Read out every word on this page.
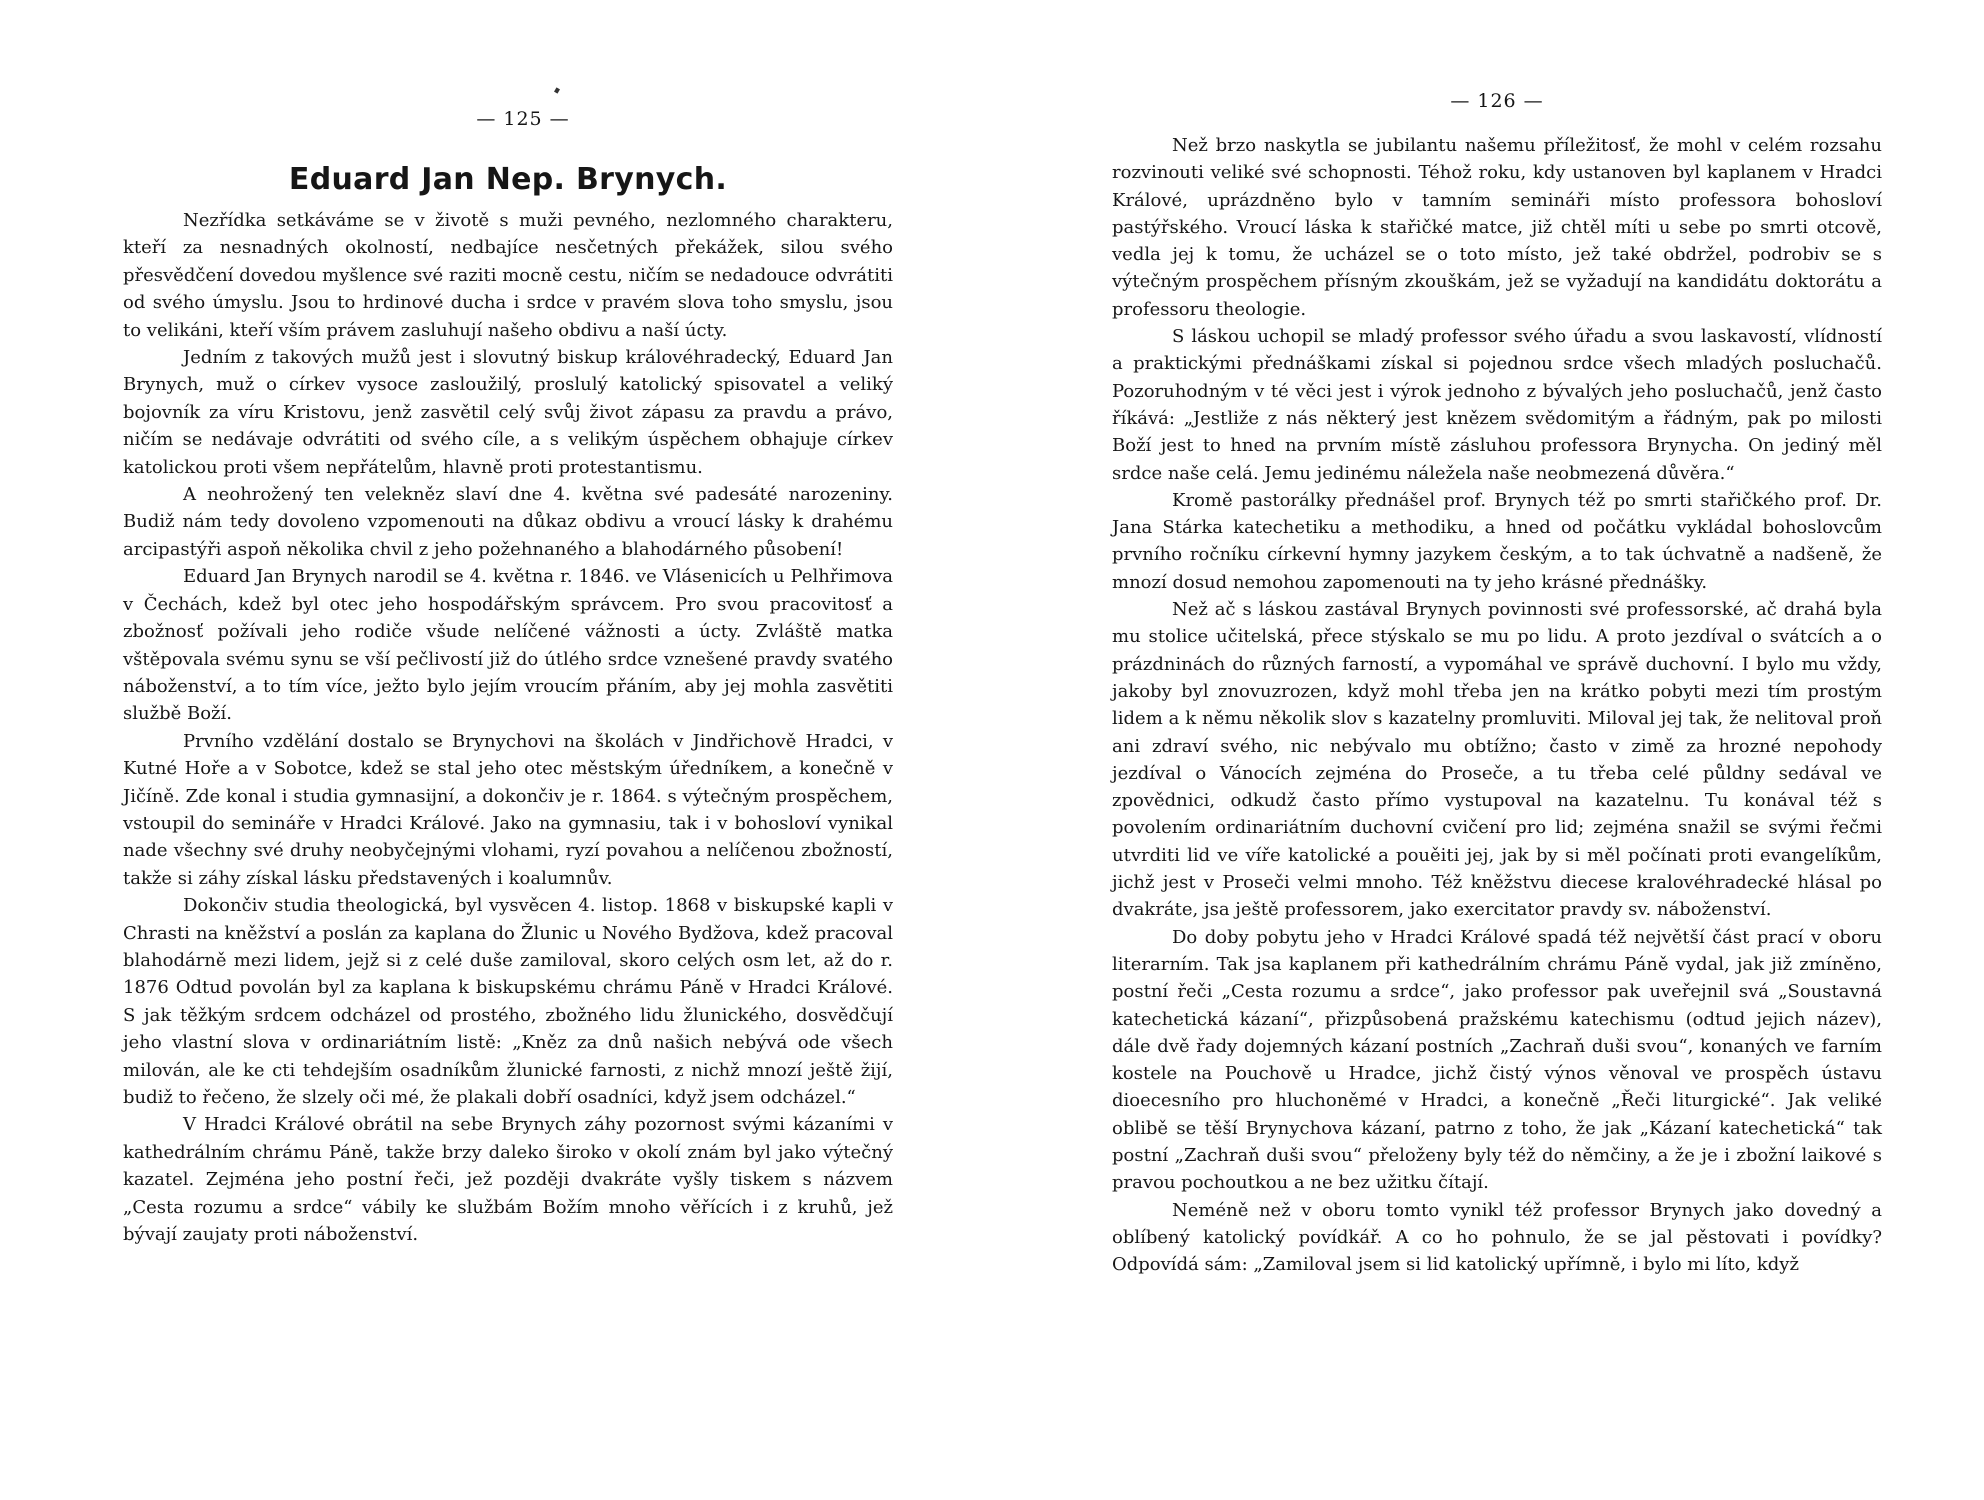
— 125 —
Eduard Jan Nep. Brynych.

Nezřídka setkáváme se v životě s muži pevného, nezlomného charakteru, kteří za nesnadných okolností, nedbajíce nesčetných překážek, silou svého přesvědčení dovedou myšlence své raziti mocně cestu, ničím se nedadouce odvrátiti od svého úmyslu. Jsou to hrdinové ducha i srdce v pravém slova toho smyslu, jsou to velikáni, kteří vším právem zasluhují našeho obdivu a naší úcty.

Jedním z takových mužů jest i slovutný biskup královéhradecký, Eduard Jan Brynych, muž o církev vysoce zasloužilý, proslulý katolický spisovatel a veliký bojovník za víru Kristovu, jenž zasvětil celý svůj život zápasu za pravdu a právo, ničím se nedávaje odvrátiti od svého cíle, a s velikým úspěchem obhajuje církev katolickou proti všem nepřátelům, hlavně proti protestantismu.

A neohrožený ten velekněz slaví dne 4. května své padesáté narozeniny. Budiž nám tedy dovoleno vzpomenouti na důkaz obdivu a vroucí lásky k drahému arcipastýři aspoň několika chvil z jeho požehnaného a blahodárného působení!

Eduard Jan Brynych narodil se 4. května r. 1846. ve Vlásenicích u Pelhřimova v Čechách, kdež byl otec jeho hospodářským správcem. Pro svou pracovitosť a zbožnosť požívali jeho rodiče všude nelíčené vážnosti a úcty. Zvláště matka vštěpovala svému synu se vší pečlivostí již do útlého srdce vznešené pravdy svatého náboženství, a to tím více, ježto bylo jejím vroucím přáním, aby jej mohla zasvětiti službě Boží.

Prvního vzdělání dostalo se Brynychovi na školách v Jindřichově Hradci, v Kutné Hoře a v Sobotce, kdež se stal jeho otec městským úředníkem, a konečně v Jičíně. Zde konal i studia gymnasijní, a dokončiv je r. 1864. s výtečným prospěchem, vstoupil do semináře v Hradci Králové. Jako na gymnasiu, tak i v bohosloví vynikal nade všechny své druhy neobyčejnými vlohami, ryzí povahou a nelíčenou zbožností, takže si záhy získal lásku představených i koalumnův.

Dokončiv studia theologická, byl vysvěcen 4. listop. 1868 v biskupské kapli v Chrasti na kněžství a poslán za kaplana do Žlunic u Nového Bydžova, kdež pracoval blahodárně mezi lidem, jejž si z celé duše zamiloval, skoro celých osm let, až do r. 1876 Odtud povolán byl za kaplana k biskupskému chrámu Páně v Hradci Králové. S jak těžkým srdcem odcházel od prostého, zbožného lidu žlunického, dosvědčují jeho vlastní slova v ordinariátním listě: „Kněz za dnů našich nebývá ode všech milován, ale ke cti tehdejším osadníkům žlunické farnosti, z nichž mnozí ještě žijí, budiž to řečeno, že slzely oči mé, že plakali dobří osadníci, když jsem odcházel.“

V Hradci Králové obrátil na sebe Brynych záhy pozornost svými kázaními v kathedrálním chrámu Páně, takže brzy daleko široko v okolí znám byl jako výtečný kazatel. Zejména jeho postní řeči, jež později dvakráte vyšly tiskem s názvem „Cesta rozumu a srdce“ vábily ke službám Božím mnoho věřících i z kruhů, jež bývají zaujaty proti náboženství.

— 126 —

Než brzo naskytla se jubilantu našemu příležitosť, že mohl v celém rozsahu rozvinouti veliké své schopnosti. Téhož roku, kdy ustanoven byl kaplanem v Hradci Králové, uprázdněno bylo v tamním semináři místo professora bohosloví pastýřského. Vroucí láska k stařičké matce, již chtěl míti u sebe po smrti otcově, vedla jej k tomu, že ucházel se o toto místo, jež také obdržel, podrobiv se s výtečným prospěchem přísným zkouškám, jež se vyžadují na kandidátu doktorátu a professoru theologie.

S láskou uchopil se mladý professor svého úřadu a svou laskavostí, vlídností a praktickými přednáškami získal si pojednou srdce všech mladých posluchačů. Pozoruhodným v té věci jest i výrok jednoho z bývalých jeho posluchačů, jenž často říkává: „Jestliže z nás některý jest knězem svědomitým a řádným, pak po milosti Boží jest to hned na prvním místě zásluhou professora Brynycha. On jediný měl srdce naše celá. Jemu jedinému náležela naše neobmezená důvěra.“

Kromě pastorálky přednášel prof. Brynych též po smrti stařičkého prof. Dr. Jana Stárka katechetiku a methodiku, a hned od počátku vykládal bohoslovcům prvního ročníku církevní hymny jazykem českým, a to tak úchvatně a nadšeně, že mnozí dosud nemohou zapomenouti na ty jeho krásné přednášky.

Než ač s láskou zastával Brynych povinnosti své professorské, ač drahá byla mu stolice učitelská, přece stýskalo se mu po lidu. A proto jezdíval o svátcích a o prázdninách do různých farností, a vypomáhal ve správě duchovní. I bylo mu vždy, jakoby byl znovuzrozen, když mohl třeba jen na krátko pobyti mezi tím prostým lidem a k němu několik slov s kazatelny promluviti. Miloval jej tak, že nelitoval proň ani zdraví svého, nic nebývalo mu obtížno; často v zimě za hrozné nepohody jezdíval o Vánocích zejména do Proseče, a tu třeba celé půldny sedával ve zpovědnici, odkudž často přímo vystupoval na kazatelnu. Tu konával též s povolením ordinariátním duchovní cvičení pro lid; zejména snažil se svými řečmi utvrditi lid ve víře katolické a pouěiti jej, jak by si měl počínati proti evangelíkům, jichž jest v Proseči velmi mnoho. Též kněžstvu diecese kralovéhradecké hlásal po dvakráte, jsa ještě professorem, jako exercitator pravdy sv. náboženství.

Do doby pobytu jeho v Hradci Králové spadá též největší část prací v oboru literarním. Tak jsa kaplanem při kathedrálním chrámu Páně vydal, jak již zmíněno, postní řeči „Cesta rozumu a srdce“, jako professor pak uveřejnil svá „Soustavná katechetická kázaní“, přizpůsobená pražskému katechismu (odtud jejich název), dále dvě řady dojemných kázaní postních „Zachraň duši svou“, konaných ve farním kostele na Pouchově u Hradce, jichž čistý výnos věnoval ve prospěch ústavu dioecesního pro hluchoněmé v Hradci, a konečně „Řeči liturgické“. Jak veliké oblibě se těší Brynychova kázaní, patrno z toho, že jak „Kázaní katechetická“ tak postní „Zachraň duši svou“ přeloženy byly též do němčiny, a že je i zbožní laikové s pravou pochoutkou a ne bez užitku čítají.

Neméně než v oboru tomto vynikl též professor Brynych jako dovedný a oblíbený katolický povídkář. A co ho pohnulo, že se jal pěstovati i povídky? Odpovídá sám: „Zamiloval jsem si lid katolický upřímně, i bylo mi líto, když
